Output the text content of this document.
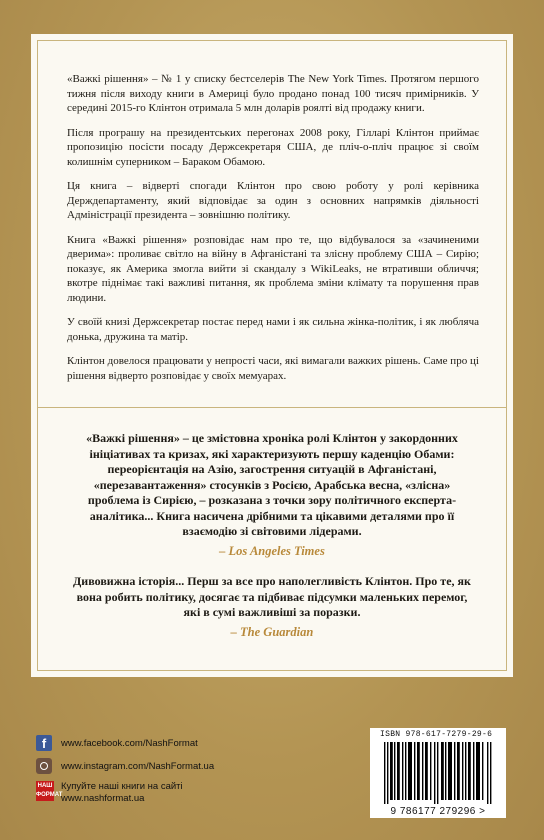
«Важкі рішення» – № 1 у списку бестселерів The New York Times. Протягом першого тижня після виходу книги в Америці було продано понад 100 тисяч примірників. У середині 2015-го Клінтон отримала 5 млн доларів роялті від продажу книги.

Після програшу на президентських перегонах 2008 року, Гілларі Клінтон приймає пропозицію посісти посаду Держсекретаря США, де пліч-о-пліч працює зі своїм колишнім суперником – Бараком Обамою.

Ця книга – відверті спогади Клінтон про свою роботу у ролі керівника Держдепартаменту, який відповідає за один з основних напрямків діяльності Адміністрації президента – зовнішню політику.

Книга «Важкі рішення» розповідає нам про те, що відбувалося за «зачиненими дверима»: проливає світло на війну в Афганістані та злісну проблему США – Сирію; показує, як Америка змогла вийти зі скандалу з WikiLeaks, не втративши обличчя; вкотре піднімає такі важливі питання, як проблема зміни клімату та порушення прав людини.

У своїй книзі Держсекретар постає перед нами і як сильна жінка-політик, і як любляча донька, дружина та матір.

Клінтон довелося працювати у непрості часи, які вимагали важких рішень. Саме про ці рішення відверто розповідає у своїх мемуарах.

«Важкі рішення» – це змістовна хроніка ролі Клінтон у закордонних ініціативах та кризах, які характеризують першу каденцію Обами: переорієнтація на Азію, загострення ситуацій в Афганістані, «перезавантаження» стосунків з Росією, Арабська весна, «злісна» проблема із Сирією, – розказана з точки зору політичного експерта-аналітика... Книга насичена дрібними та цікавими деталями про її взаємодію зі світовими лідерами.
– Los Angeles Times
Дивовижна історія... Перш за все про наполегливість Клінтон. Про те, як вона робить політику, досягає та підбиває підсумки маленьких перемог, які в сумі важливіші за поразки.
– The Guardian
f	www.facebook.com/NashFormat
www.instagram.com/NashFormat.ua
НАШ ФОРМАТ
Купуйте наші книги на сайті
www.nashformat.ua
ISBN 978-617-7279-29-6
9 786177 279296 >
